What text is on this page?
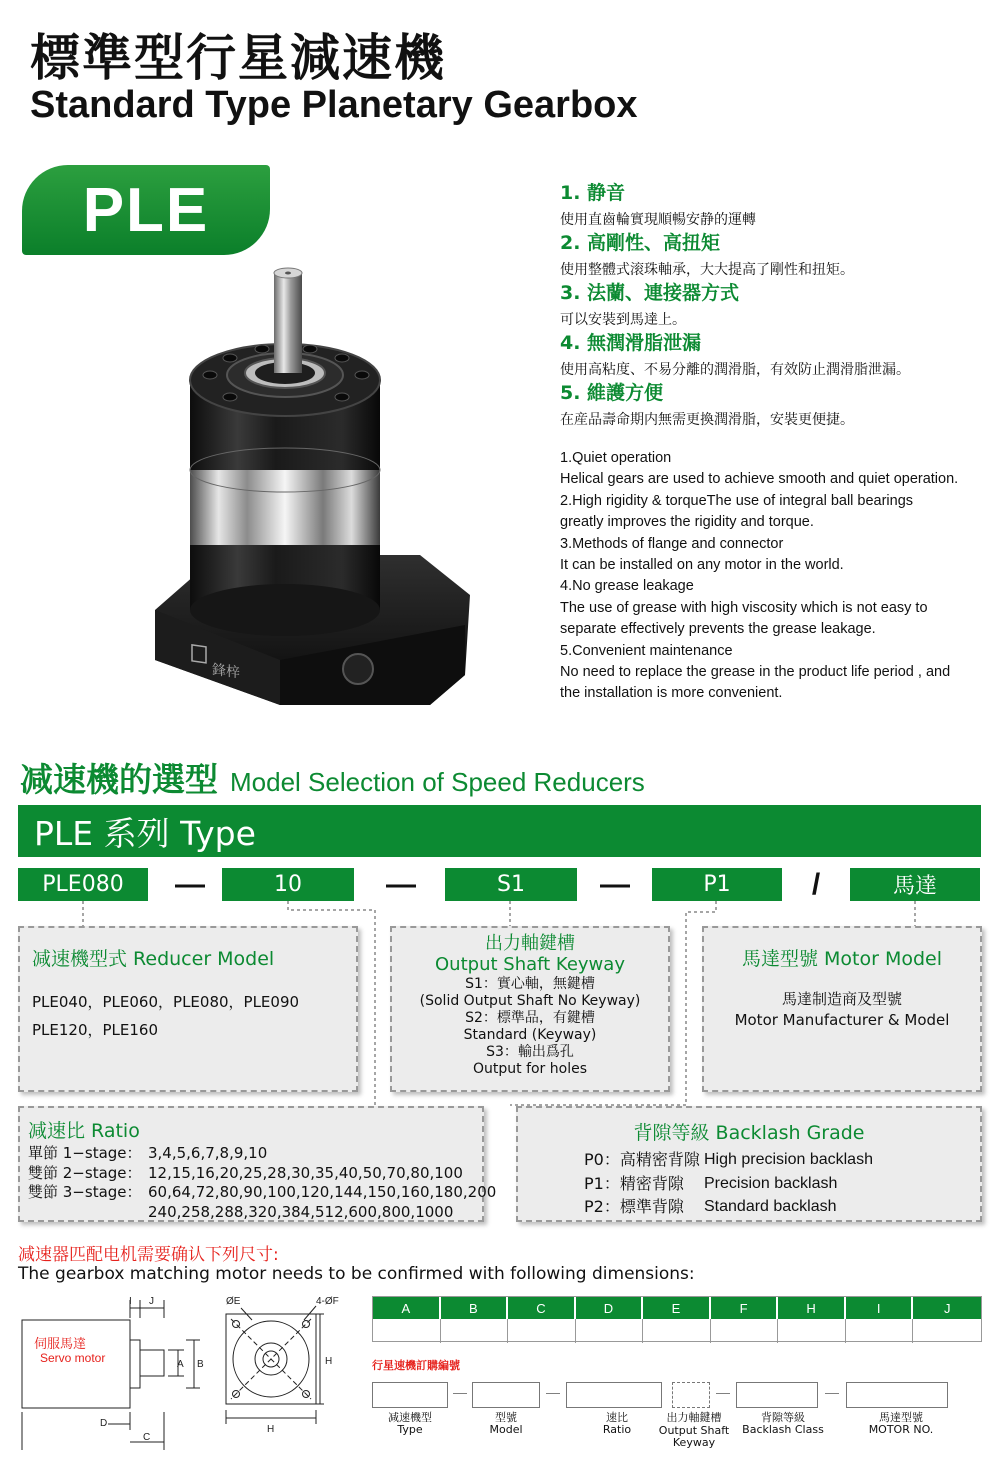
標準型行星減速機
Standard Type Planetary Gearbox
PLE
鋒梓
1. 静音
使用直齒輪實現順暢安静的運轉
2. 高剛性、高扭矩
使用整體式滚珠軸承，大大提高了剛性和扭矩。
3. 法蘭、連接器方式
可以安裝到馬達上。
4. 無潤滑脂泄漏
使用高粘度、不易分離的潤滑脂，有效防止潤滑脂泄漏。
5. 維護方便
在産品壽命期内無需更換潤滑脂，安裝更便捷。
1.Quiet operation
Helical gears are used to achieve smooth and quiet operation.
2.High rigidity & torqueThe use of integral ball bearings
greatly improves the rigidity and torque.
3.Methods of flange and connector
It can be installed on any motor in the world.
4.No grease leakage
The use of grease with high viscosity which is not easy to
separate effectively prevents the grease leakage.
5.Convenient maintenance
No need to replace the grease in the product life period , and
the installation is more convenient.
减速機的選型 Model Selection of Speed Reducers
PLE 系列 Type
PLE080	—	10	—	S1	—	P1	/	馬達
减速機型式 Reducer Model
PLE040，PLE060，PLE080，PLE090
PLE120，PLE160
出力軸鍵槽
Output Shaft Keyway
S1：實心軸，無鍵槽
(Solid Output Shaft No Keyway)
S2：標準品，有鍵槽
Standard (Keyway)
S3：輸出爲孔
Output for holes
馬達型號 Motor Model
馬達制造商及型號
Motor Manufacturer & Model
减速比 Ratio
單節 1−stage： 3,4,5,6,7,8,9,10
雙節 2−stage： 12,15,16,20,25,28,30,35,40,50,70,80,100
雙節 3−stage： 60,64,72,80,90,100,120,144,150,160,180,200
240,258,288,320,384,512,600,800,1000
背隙等級 Backlash Grade
P0：高精密背隙 High precision backlash
P1：精密背隙	Precision backlash
P2：標準背隙	Standard backlash
减速器匹配电机需要确认下列尺寸:
The gearbox matching motor needs to be confirmed with following dimensions:
伺服馬達
Servo motor
I J
A B
D
C
ØE	4-ØF
H
H
A	B	C	D	E	F	H	I	J
行星速機訂購編號
—	—	—	—
减速機型
Type
型號
Model
速比
Ratio
出力軸鍵槽
Output Shaft Keyway
背隙等級
Backlash Class
馬達型號
MOTOR NO.
